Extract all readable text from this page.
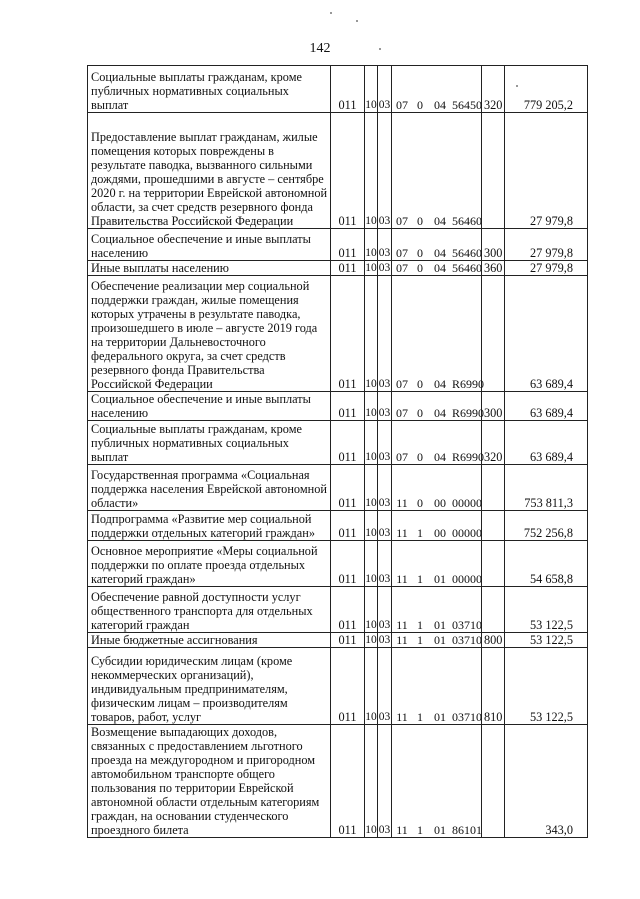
142
Социальные выплаты гражданам, кроме публичных нормативных социальных выплат	011	10	03	07 0 04 56450	320	779 205,2
Предоставление выплат гражданам, жилые помещения которых повреждены в результате паводка, вызванного сильными дождями, прошедшими в августе – сентябре 2020 г. на территории Еврейской автономной области, за счет средств резервного фонда Правительства Российской Федерации	011	10	03	07 0 04 56460		27 979,8
Социальное обеспечение и иные выплаты населению	011	10	03	07 0 04 56460	300	27 979,8
Иные выплаты населению	011	10	03	07 0 04 56460	360	27 979,8
Обеспечение реализации мер социальной поддержки граждан, жилые помещения которых утрачены в результате паводка, произошедшего в июле – августе 2019 года на территории Дальневосточного федерального округа, за счет средств резервного фонда Правительства Российской Федерации	011	10	03	07 0 04 R6990		63 689,4
Социальное обеспечение и иные выплаты населению	011	10	03	07 0 04 R6990	300	63 689,4
Социальные выплаты гражданам, кроме публичных нормативных социальных выплат	011	10	03	07 0 04 R6990	320	63 689,4
Государственная программа «Социальная поддержка населения Еврейской автономной области»	011	10	03	11 0 00 00000		753 811,3
Подпрограмма «Развитие мер социальной поддержки отдельных категорий граждан»	011	10	03	11 1 00 00000		752 256,8
Основное мероприятие «Меры социальной поддержки по оплате проезда отдельных категорий граждан»	011	10	03	11 1 01 00000		54 658,8
Обеспечение равной доступности услуг общественного транспорта для отдельных категорий граждан	011	10	03	11 1 01 03710		53 122,5
Иные бюджетные ассигнования	011	10	03	11 1 01 03710	800	53 122,5
Субсидии юридическим лицам (кроме некоммерческих организаций), индивидуальным предпринимателям, физическим лицам – производителям товаров, работ, услуг	011	10	03	11 1 01 03710	810	53 122,5
Возмещение выпадающих доходов, связанных с предоставлением льготного проезда на междугородном и пригородном автомобильном транспорте общего пользования по территории Еврейской автономной области отдельным категориям граждан, на основании студенческого проездного билета	011	10	03	11 1 01 86101		343,0
